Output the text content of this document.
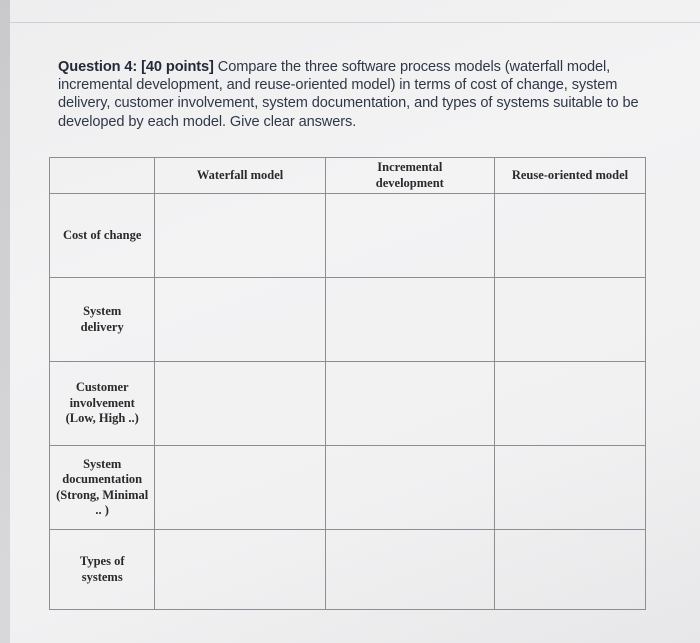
Question 4: [40 points] Compare the three software process models (waterfall model, incremental development, and reuse-oriented model) in terms of cost of change, system delivery, customer involvement, system documentation, and types of systems suitable to be developed by each model. Give clear answers.
	Waterfall model	Incremental development	Reuse-oriented model
Cost of change			

System delivery			

Customer involvement (Low, High ..)			

System documentation (Strong, Minimal .. )			

Types of systems			
